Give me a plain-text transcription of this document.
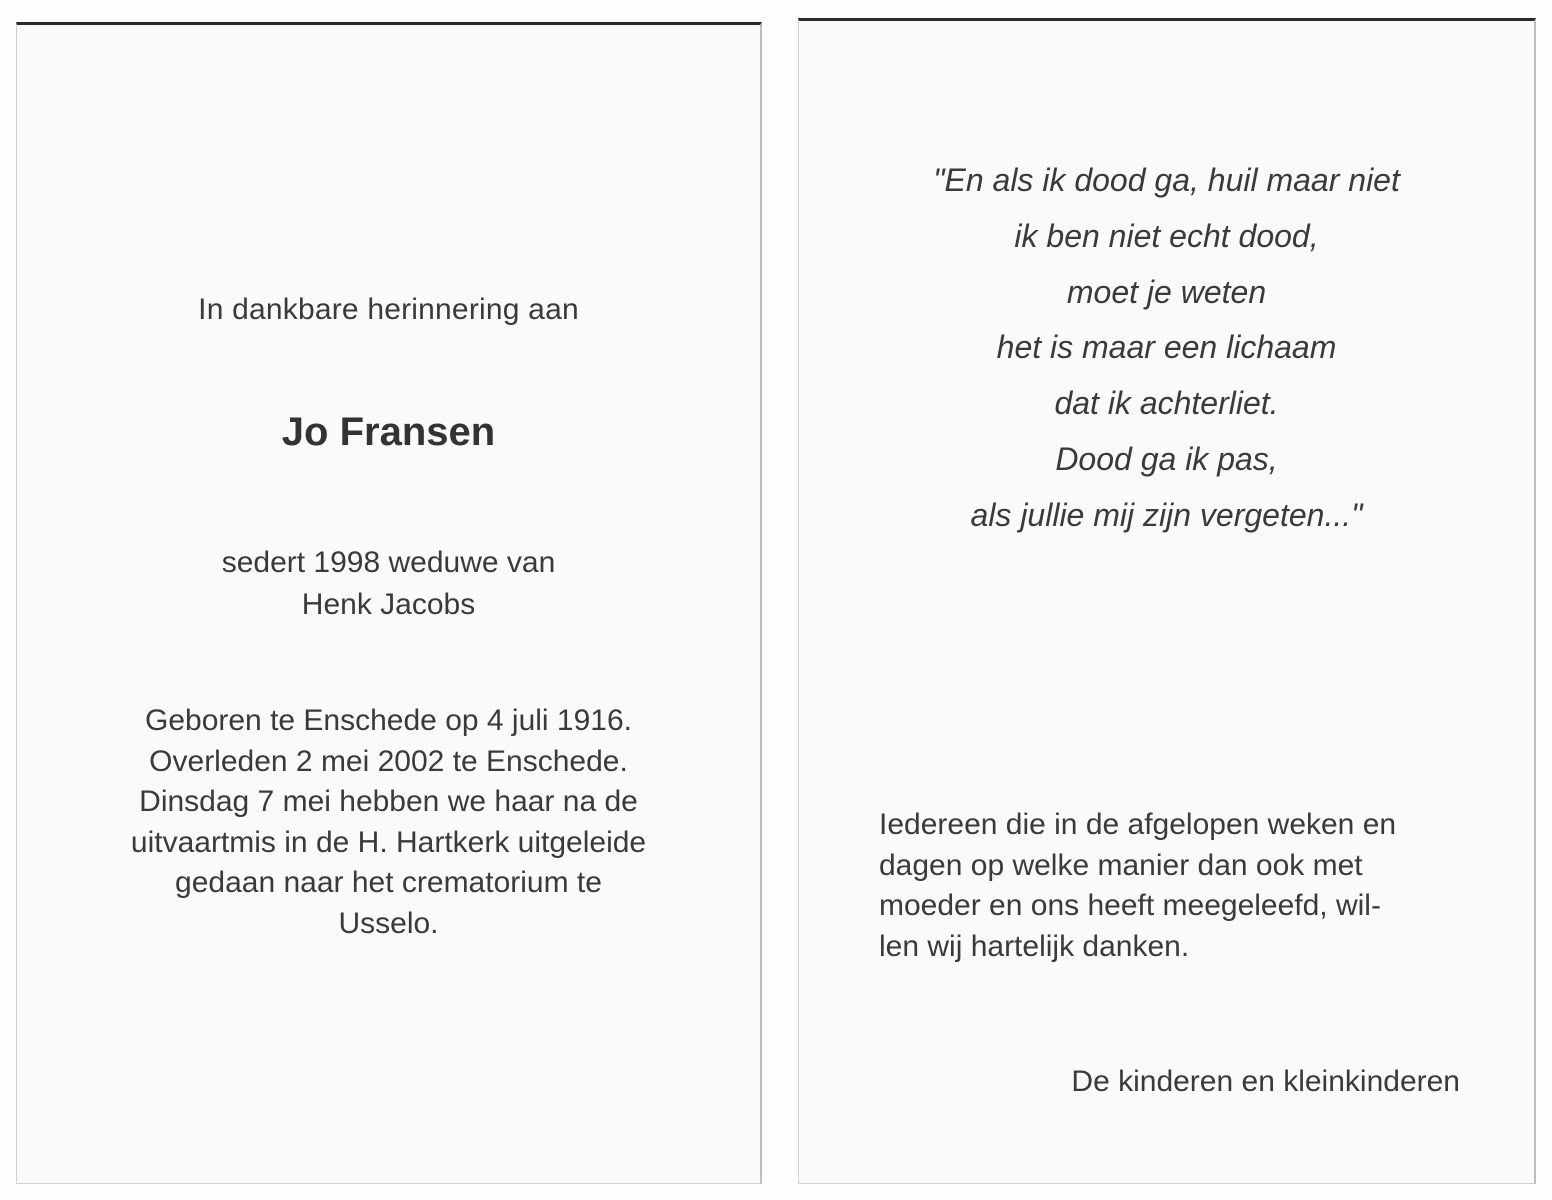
In dankbare herinnering aan
Jo Fransen
sedert 1998 weduwe van
Henk Jacobs
Geboren te Enschede op 4 juli 1916.
Overleden 2 mei 2002 te Enschede.
Dinsdag 7 mei hebben we haar na de
uitvaartmis in de H. Hartkerk uitgeleide
gedaan naar het crematorium te
Usselo.
"En als ik dood ga, huil maar niet
ik ben niet echt dood,
moet je weten
het is maar een lichaam
dat ik achterliet.
Dood ga ik pas,
als jullie mij zijn vergeten..."
Iedereen die in de afgelopen weken en
dagen op welke manier dan ook met
moeder en ons heeft meegeleefd, wil-
len wij hartelijk danken.
De kinderen en kleinkinderen
